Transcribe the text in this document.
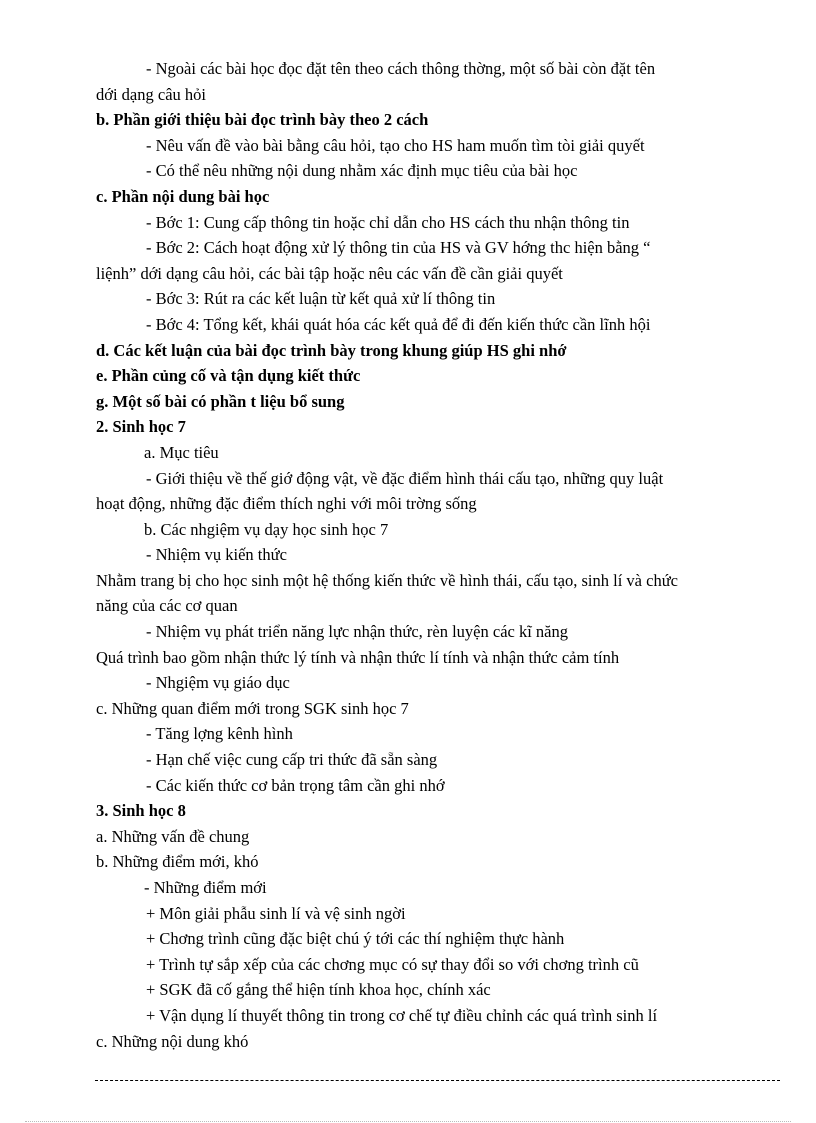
- Ngoài các bài học đọc đặt tên theo cách thông thờng, một số bài còn đặt tên
dới dạng câu hỏi
b. Phần giới thiệu bài đọc trình bày theo 2 cách
- Nêu vấn đề vào bài bằng câu hỏi, tạo cho HS ham muốn tìm tòi giải quyết
- Có thể nêu những nội dung nhằm xác định mục tiêu của bài học
c. Phần nội dung bài học
- Bớc 1: Cung cấp thông tin hoặc chỉ dẫn cho HS cách thu nhận thông tin
- Bớc 2: Cách hoạt động xử lý thông tin của HS và GV hớng thc hiện bằng “
liệnh” dới dạng câu hỏi, các bài tập hoặc nêu các vấn đề cần giải quyết
- Bớc 3: Rút ra các kết luận từ kết quả xử lí thông tin
- Bớc 4: Tổng kết, khái quát hóa các kết quả để đi đến kiến thức cần lĩnh hội
d. Các kết luận của bài đọc trình bày trong khung giúp HS ghi nhớ
e. Phần củng cố và tận dụng kiết thức
g. Một số bài có phần t liệu bổ sung
2. Sinh học 7
a. Mục tiêu
- Giới thiệu về thế giớ động vật, về đặc điểm hình thái cấu tạo, những quy luật
hoạt động, những đặc điểm thích nghi với môi trờng sống
b. Các nhgiệm vụ dạy học sinh học 7
- Nhiệm vụ kiến thức
Nhằm trang bị cho học sinh một hệ thống kiến thức về hình thái, cấu tạo, sinh lí và chức
năng của các cơ quan
- Nhiệm vụ phát triển năng lực nhận thức, rèn luyện các kĩ năng
Quá trình bao gồm nhận thức lý tính và nhận thức lí tính và nhận thức cảm tính
- Nhgiệm vụ giáo dục
c. Những quan điểm mới trong SGK sinh học 7
- Tăng lợng kênh hình
- Hạn chế việc cung cấp tri thức đã sẵn sàng
- Các kiến thức cơ bản trọng tâm cần ghi nhớ
3. Sinh học 8
a. Những vấn đề chung
b. Những điểm mới, khó
- Những điểm mới
+ Môn giải phẫu sinh lí và vệ sinh ngời
+ Chơng trình cũng đặc biệt chú ý tới các thí nghiệm thực hành
+ Trình tự sắp xếp của các chơng mục có sự thay đổi so với chơng trình cũ
+ SGK đã cố gắng thể hiện tính khoa học, chính xác
+ Vận dụng lí thuyết thông tin trong cơ chế tự điều chỉnh các quá trình sinh lí
c. Những nội dung khó
